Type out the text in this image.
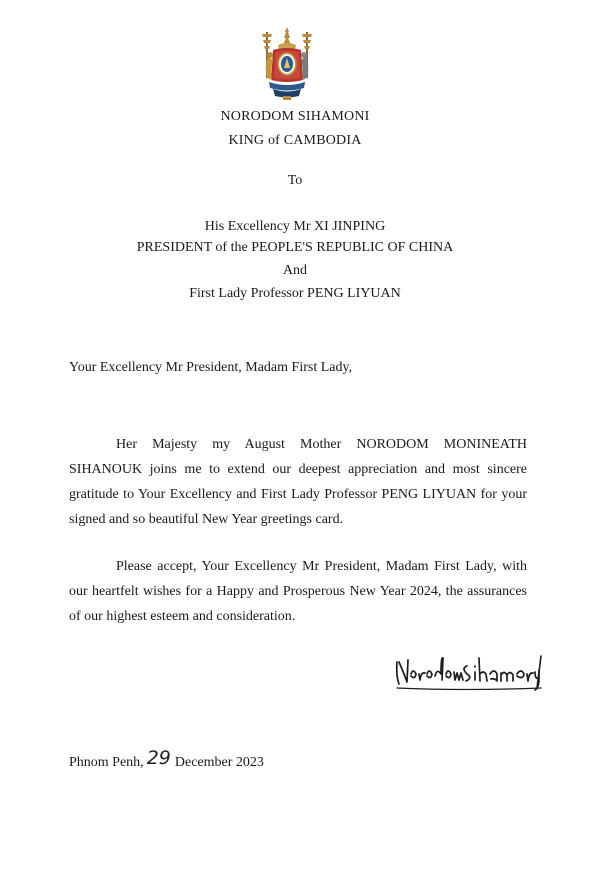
NORODOM SIHAMONI
KING of CAMBODIA
To
His Excellency Mr XI JINPING
PRESIDENT of the PEOPLE'S REPUBLIC OF CHINA
And
First Lady Professor PENG LIYUAN
Your Excellency Mr President, Madam First Lady,
Her Majesty my August Mother NORODOM MONINEATH SIHANOUK joins me to extend our deepest appreciation and most sincere gratitude to Your Excellency and First Lady Professor PENG LIYUAN for your signed and so beautiful New Year greetings card.
Please accept, Your Excellency Mr President, Madam First Lady, with our heartfelt wishes for a Happy and Prosperous New Year 2024, the assurances of our highest esteem and consideration.
Phnom Penh, 29 December 2023
